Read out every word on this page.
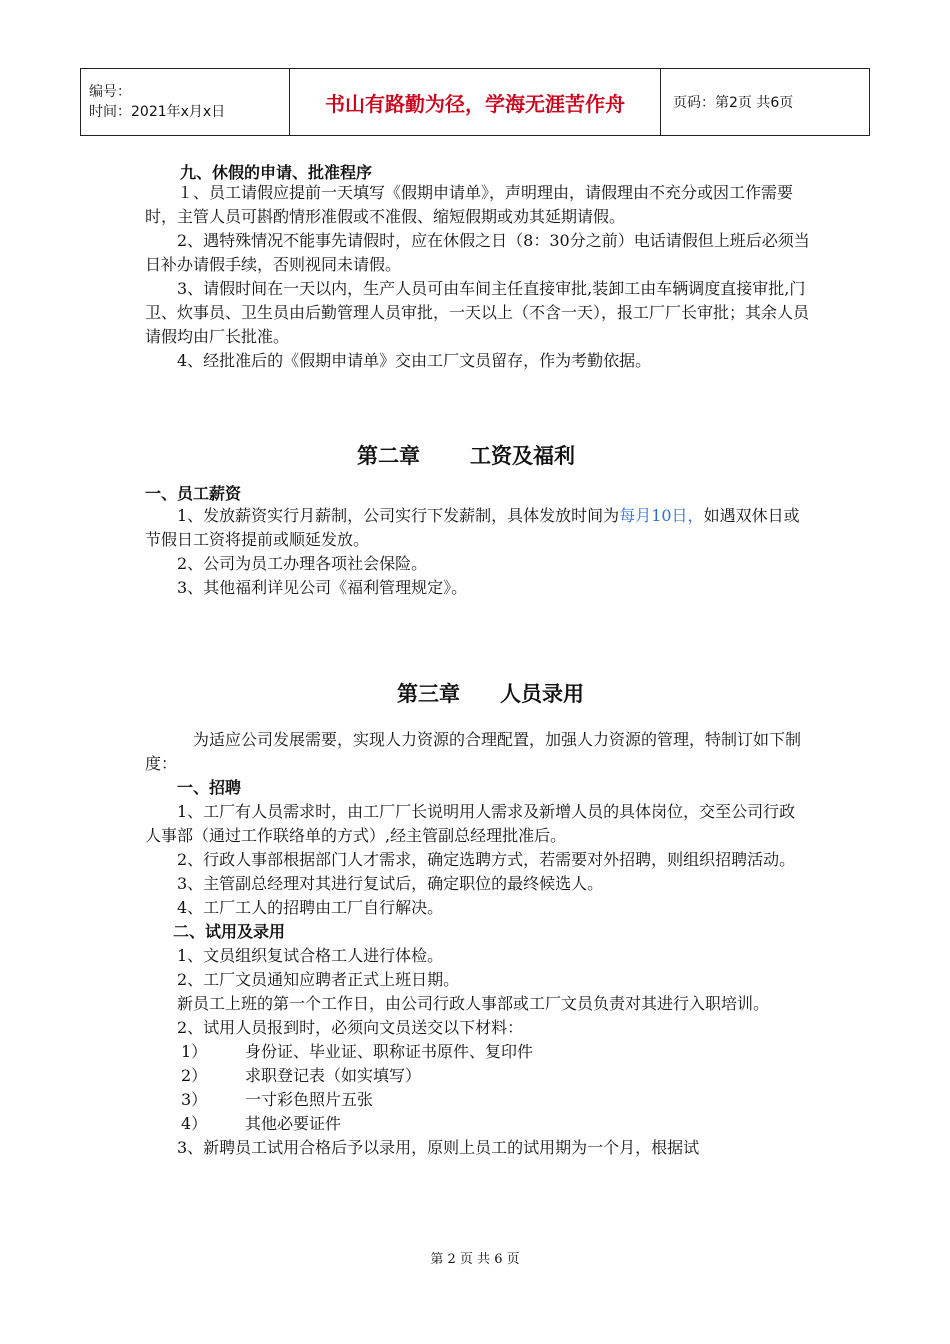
编号：
时间：2021年x月x日	书山有路勤为径，学海无涯苦作舟	页码：第2页 共6页
九、休假的申请、批准程序
１、员工请假应提前一天填写《假期申请单》，声明理由，请假理由不充分或因工作需要时，主管人员可斟酌情形准假或不准假、缩短假期或劝其延期请假。
2、遇特殊情况不能事先请假时，应在休假之日（8：30分之前）电话请假但上班后必须当日补办请假手续，否则视同未请假。
3、请假时间在一天以内，生产人员可由车间主任直接审批,装卸工由车辆调度直接审批,门卫、炊事员、卫生员由后勤管理人员审批，一天以上（不含一天），报工厂厂长审批；其余人员请假均由厂长批准。
4、经批准后的《假期申请单》交由工厂文员留存，作为考勤依据。
第二章 工资及福利
一、员工薪资
1、发放薪资实行月薪制，公司实行下发薪制，具体发放时间为每月10日，如遇双休日或节假日工资将提前或顺延发放。
2、公司为员工办理各项社会保险。
3、其他福利详见公司《福利管理规定》。
第三章 人员录用
为适应公司发展需要，实现人力资源的合理配置，加强人力资源的管理，特制订如下制度：
一、招聘
1、工厂有人员需求时，由工厂厂长说明用人需求及新增人员的具体岗位，交至公司行政人事部（通过工作联络单的方式）,经主管副总经理批准后。
2、行政人事部根据部门人才需求，确定选聘方式，若需要对外招聘，则组织招聘活动。
3、主管副总经理对其进行复试后，确定职位的最终候选人。
4、工厂工人的招聘由工厂自行解决。
二、试用及录用
1、文员组织复试合格工人进行体检。
2、工厂文员通知应聘者正式上班日期。
新员工上班的第一个工作日，由公司行政人事部或工厂文员负责对其进行入职培训。
2、试用人员报到时，必须向文员送交以下材料：
1） 身份证、毕业证、职称证书原件、复印件
2） 求职登记表（如实填写）
3） 一寸彩色照片五张
4） 其他必要证件
3、新聘员工试用合格后予以录用，原则上员工的试用期为一个月，根据试
第 2 页 共 6 页
